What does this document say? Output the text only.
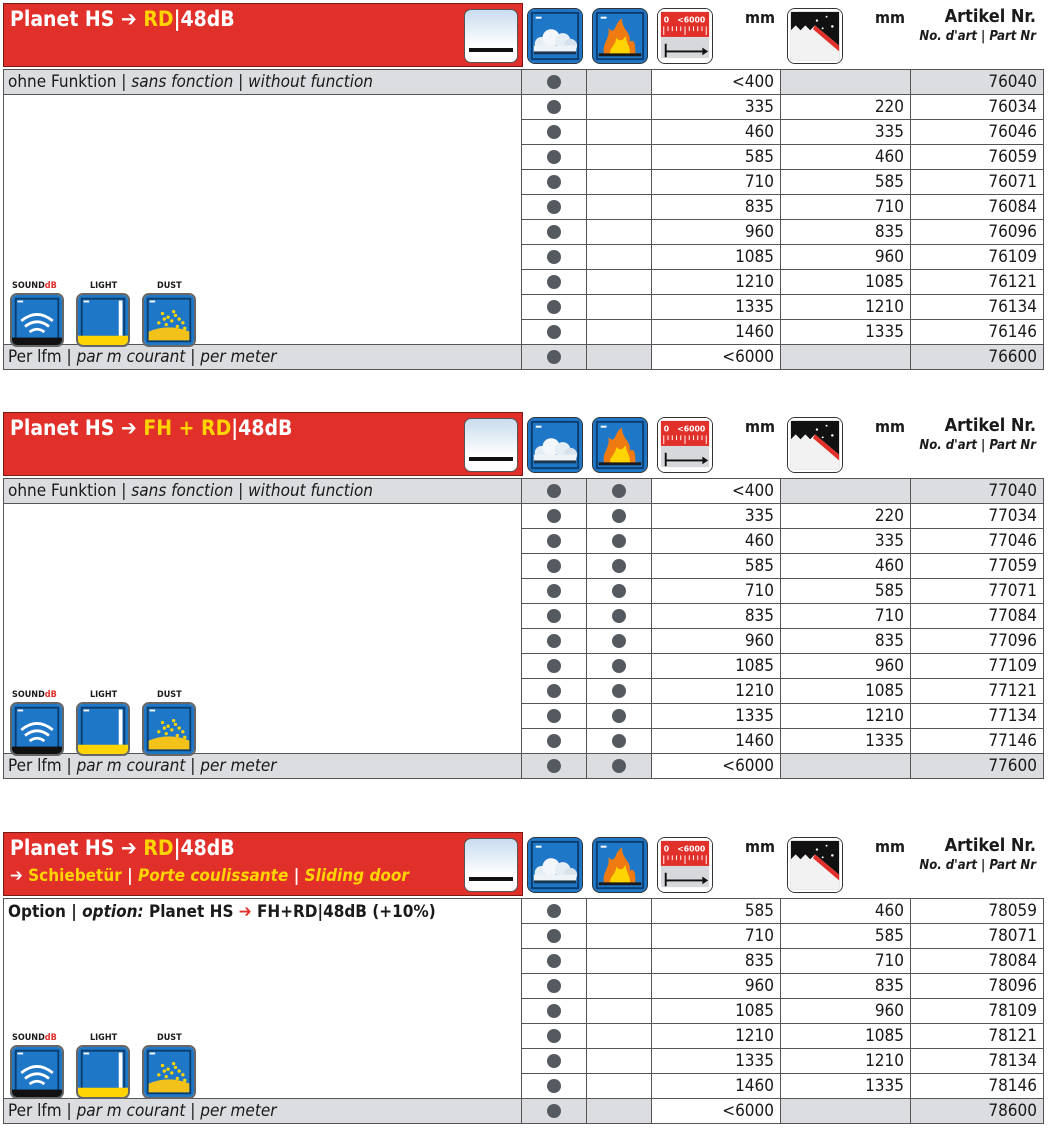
Planet HS ➔ RD|48dB	0 <6000 mm	mm Artikel Nr.
No. d'art | Part Nr
ohne Funktion | sans fonction | without function			<400		76040

SOUNDdB LIGHT DUST			335	220	76034
			460	335	76046
			585	460	76059
			710	585	76071
			835	710	76084
			960	835	76096
			1085	960	76109
			1210	1085	76121
			1335	1210	76134
			1460	1335	76146
Per lfm | par m courant | per meter			<6000		76600
Planet HS ➔ FH + RD|48dB	0 <6000 mm	mm Artikel Nr.
No. d'art | Part Nr
ohne Funktion | sans fonction | without function			<400		77040

SOUNDdB LIGHT DUST			335	220	77034
			460	335	77046
			585	460	77059
			710	585	77071
			835	710	77084
			960	835	77096
			1085	960	77109
			1210	1085	77121
			1335	1210	77134
			1460	1335	77146
Per lfm | par m courant | per meter			<6000		77600
Planet HS ➔ RD|48dB
➔ Schiebetür | Porte coulissante | Sliding door
0 <6000 mm	mm Artikel Nr.
No. d'art | Part Nr
Option | option: Planet HS ➔ FH+RD|48dB (+10%)
SOUNDdB LIGHT DUST			585	460	78059
			710	585	78071
			835	710	78084
			960	835	78096
			1085	960	78109
			1210	1085	78121
			1335	1210	78134
			1460	1335	78146
Per lfm | par m courant | per meter			<6000		78600
